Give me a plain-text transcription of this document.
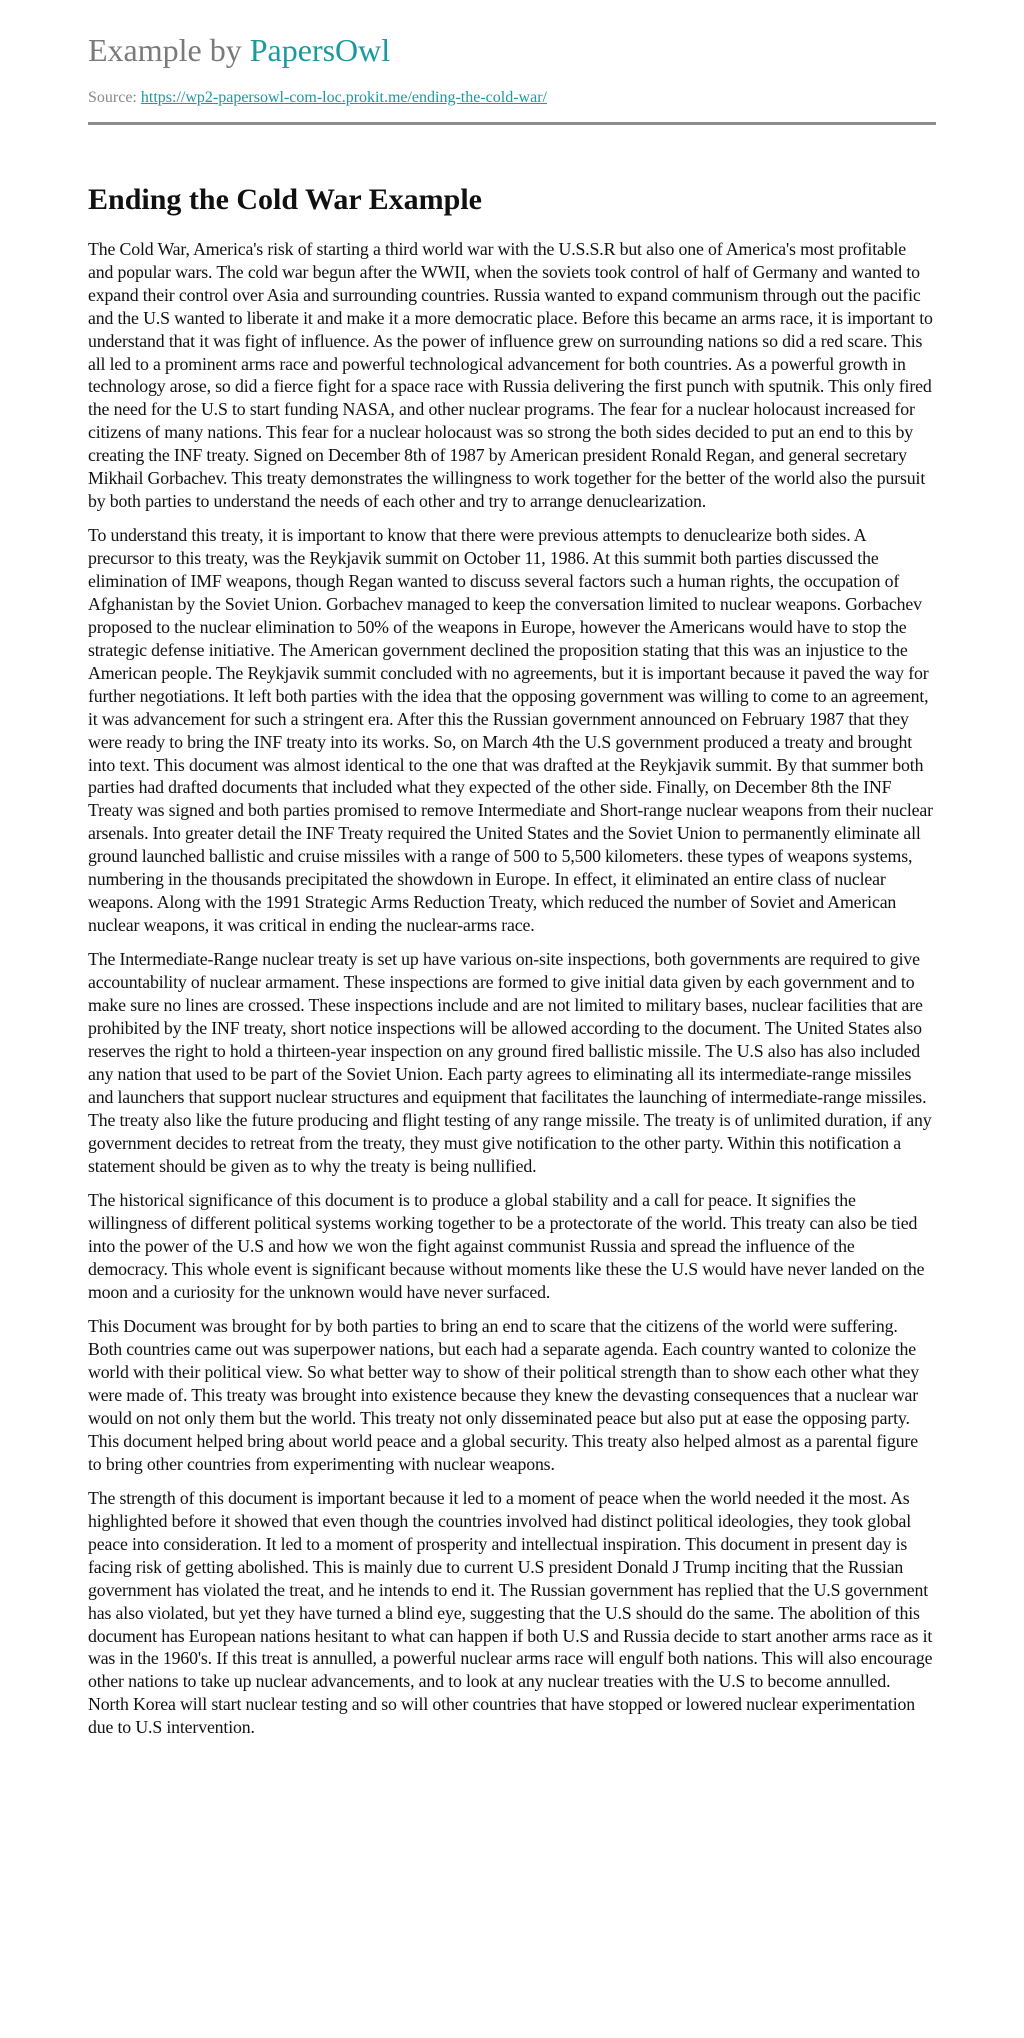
Example by PapersOwl
Source: https://wp2-papersowl-com-loc.prokit.me/ending-the-cold-war/
Ending the Cold War Example

The Cold War, America's risk of starting a third world war with the U.S.S.R but also one of America's most profitable and popular wars. The cold war begun after the WWII, when the soviets took control of half of Germany and wanted to expand their control over Asia and surrounding countries. Russia wanted to expand communism through out the pacific and the U.S wanted to liberate it and make it a more democratic place. Before this became an arms race, it is important to understand that it was fight of influence. As the power of influence grew on surrounding nations so did a red scare. This all led to a prominent arms race and powerful technological advancement for both countries. As a powerful growth in technology arose, so did a fierce fight for a space race with Russia delivering the first punch with sputnik. This only fired the need for the U.S to start funding NASA, and other nuclear programs. The fear for a nuclear holocaust increased for citizens of many nations. This fear for a nuclear holocaust was so strong the both sides decided to put an end to this by creating the INF treaty. Signed on December 8th of 1987 by American president Ronald Regan, and general secretary Mikhail Gorbachev. This treaty demonstrates the willingness to work together for the better of the world also the pursuit by both parties to understand the needs of each other and try to arrange denuclearization.

To understand this treaty, it is important to know that there were previous attempts to denuclearize both sides. A precursor to this treaty, was the Reykjavik summit on October 11, 1986. At this summit both parties discussed the elimination of IMF weapons, though Regan wanted to discuss several factors such a human rights, the occupation of Afghanistan by the Soviet Union. Gorbachev managed to keep the conversation limited to nuclear weapons. Gorbachev proposed to the nuclear elimination to 50% of the weapons in Europe, however the Americans would have to stop the strategic defense initiative. The American government declined the proposition stating that this was an injustice to the American people. The Reykjavik summit concluded with no agreements, but it is important because it paved the way for further negotiations. It left both parties with the idea that the opposing government was willing to come to an agreement, it was advancement for such a stringent era. After this the Russian government announced on February 1987 that they were ready to bring the INF treaty into its works. So, on March 4th the U.S government produced a treaty and brought into text. This document was almost identical to the one that was drafted at the Reykjavik summit. By that summer both parties had drafted documents that included what they expected of the other side. Finally, on December 8th the INF Treaty was signed and both parties promised to remove Intermediate and Short-range nuclear weapons from their nuclear arsenals. Into greater detail the INF Treaty required the United States and the Soviet Union to permanently eliminate all ground launched ballistic and cruise missiles with a range of 500 to 5,500 kilometers. these types of weapons systems, numbering in the thousands precipitated the showdown in Europe. In effect, it eliminated an entire class of nuclear weapons. Along with the 1991 Strategic Arms Reduction Treaty, which reduced the number of Soviet and American nuclear weapons, it was critical in ending the nuclear-arms race.

The Intermediate-Range nuclear treaty is set up have various on-site inspections, both governments are required to give accountability of nuclear armament. These inspections are formed to give initial data given by each government and to make sure no lines are crossed. These inspections include and are not limited to military bases, nuclear facilities that are prohibited by the INF treaty, short notice inspections will be allowed according to the document. The United States also reserves the right to hold a thirteen-year inspection on any ground fired ballistic missile. The U.S also has also included any nation that used to be part of the Soviet Union. Each party agrees to eliminating all its intermediate-range missiles and launchers that support nuclear structures and equipment that facilitates the launching of intermediate-range missiles. The treaty also like the future producing and flight testing of any range missile. The treaty is of unlimited duration, if any government decides to retreat from the treaty, they must give notification to the other party. Within this notification a statement should be given as to why the treaty is being nullified.

The historical significance of this document is to produce a global stability and a call for peace. It signifies the willingness of different political systems working together to be a protectorate of the world. This treaty can also be tied into the power of the U.S and how we won the fight against communist Russia and spread the influence of the democracy. This whole event is significant because without moments like these the U.S would have never landed on the moon and a curiosity for the unknown would have never surfaced.

This Document was brought for by both parties to bring an end to scare that the citizens of the world were suffering. Both countries came out was superpower nations, but each had a separate agenda. Each country wanted to colonize the world with their political view. So what better way to show of their political strength than to show each other what they were made of. This treaty was brought into existence because they knew the devasting consequences that a nuclear war would on not only them but the world. This treaty not only disseminated peace but also put at ease the opposing party. This document helped bring about world peace and a global security. This treaty also helped almost as a parental figure to bring other countries from experimenting with nuclear weapons.

The strength of this document is important because it led to a moment of peace when the world needed it the most. As highlighted before it showed that even though the countries involved had distinct political ideologies, they took global peace into consideration. It led to a moment of prosperity and intellectual inspiration. This document in present day is facing risk of getting abolished. This is mainly due to current U.S president Donald J Trump inciting that the Russian government has violated the treat, and he intends to end it. The Russian government has replied that the U.S government has also violated, but yet they have turned a blind eye, suggesting that the U.S should do the same. The abolition of this document has European nations hesitant to what can happen if both U.S and Russia decide to start another arms race as it was in the 1960's. If this treat is annulled, a powerful nuclear arms race will engulf both nations. This will also encourage other nations to take up nuclear advancements, and to look at any nuclear treaties with the U.S to become annulled. North Korea will start nuclear testing and so will other countries that have stopped or lowered nuclear experimentation due to U.S intervention.
